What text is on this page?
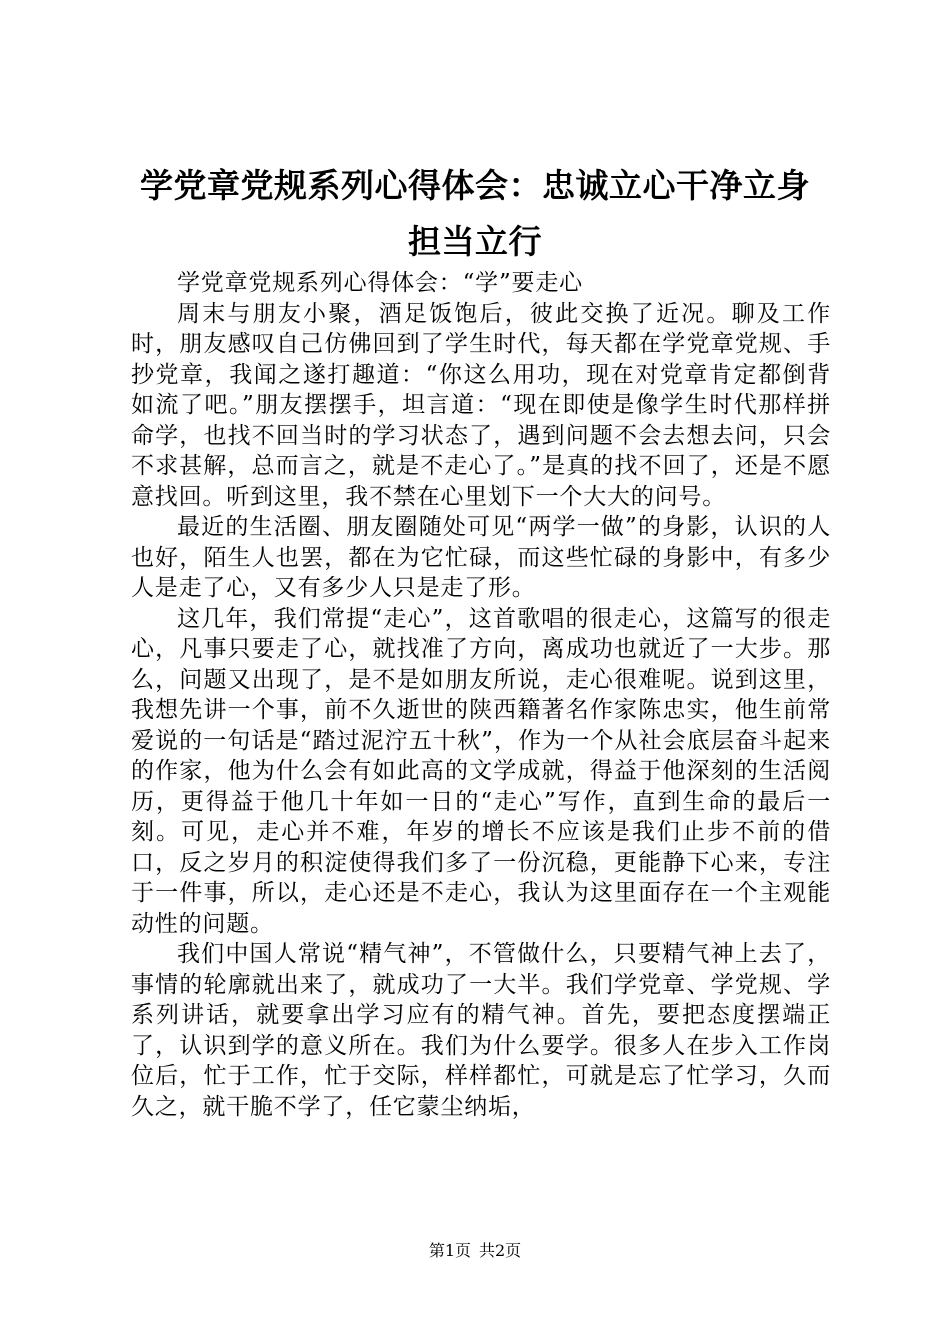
学党章党规系列心得体会：忠诚立心干净立身
担当立行

学党章党规系列心得体会：“学”要走心

周末与朋友小聚，酒足饭饱后，彼此交换了近况。聊及工作时，朋友感叹自己仿佛回到了学生时代，每天都在学党章党规、手抄党章，我闻之遂打趣道：“你这么用功，现在对党章肯定都倒背如流了吧。”朋友摆摆手，坦言道：“现在即使是像学生时代那样拼命学，也找不回当时的学习状态了，遇到问题不会去想去问，只会不求甚解，总而言之，就是不走心了。”是真的找不回了，还是不愿意找回。听到这里，我不禁在心里划下一个大大的问号。

最近的生活圈、朋友圈随处可见“两学一做”的身影，认识的人也好，陌生人也罢，都在为它忙碌，而这些忙碌的身影中，有多少人是走了心，又有多少人只是走了形。

这几年，我们常提“走心”，这首歌唱的很走心，这篇写的很走心，凡事只要走了心，就找准了方向，离成功也就近了一大步。那么，问题又出现了，是不是如朋友所说，走心很难呢。说到这里，我想先讲一个事，前不久逝世的陕西籍著名作家陈忠实，他生前常爱说的一句话是“踏过泥泞五十秋”，作为一个从社会底层奋斗起来的作家，他为什么会有如此高的文学成就，得益于他深刻的生活阅历，更得益于他几十年如一日的“走心”写作，直到生命的最后一刻。可见，走心并不难，年岁的增长不应该是我们止步不前的借口，反之岁月的积淀使得我们多了一份沉稳，更能静下心来，专注于一件事，所以，走心还是不走心，我认为这里面存在一个主观能动性的问题。

我们中国人常说“精气神”，不管做什么，只要精气神上去了，事情的轮廓就出来了，就成功了一大半。我们学党章、学党规、学系列讲话，就要拿出学习应有的精气神。首先，要把态度摆端正了，认识到学的意义所在。我们为什么要学。很多人在步入工作岗位后，忙于工作，忙于交际，样样都忙，可就是忘了忙学习，久而久之，就干脆不学了，任它蒙尘纳垢，

第1页 共2页
